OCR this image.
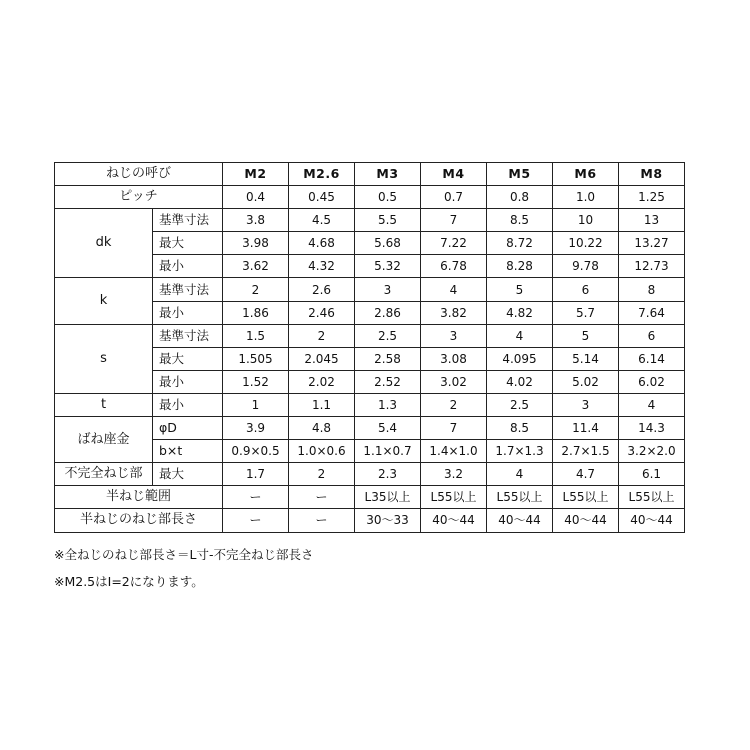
ねじの呼び		M2	M2.6	M3	M4	M5	M6	M8
ピッチ		0.4	0.45	0.5	0.7	0.8	1.0	1.25
dk	基準寸法	3.8	4.5	5.5	7	8.5	10	13
	最大	3.98	4.68	5.68	7.22	8.72	10.22	13.27
	最小	3.62	4.32	5.32	6.78	8.28	9.78	12.73
k	基準寸法	2	2.6	3	4	5	6	8
	最小	1.86	2.46	2.86	3.82	4.82	5.7	7.64
s	基準寸法	1.5	2	2.5	3	4	5	6
	最大	1.505	2.045	2.58	3.08	4.095	5.14	6.14
	最小	1.52	2.02	2.52	3.02	4.02	5.02	6.02
t	最小	1	1.1	1.3	2	2.5	3	4
ばね座金	φD	3.9	4.8	5.4	7	8.5	11.4	14.3
	b×t	0.9×0.5	1.0×0.6	1.1×0.7	1.4×1.0	1.7×1.3	2.7×1.5	3.2×2.0
不完全ねじ部	最大	1.7	2	2.3	3.2	4	4.7	6.1
半ねじ範囲		ー	ー	L35以上	L55以上	L55以上	L55以上	L55以上
半ねじのねじ部長さ		ー	ー	30～33	40～44	40～44	40～44	40～44
※全ねじのねじ部長さ＝L寸-不完全ねじ部長さ
※M2.5はI=2になります。
